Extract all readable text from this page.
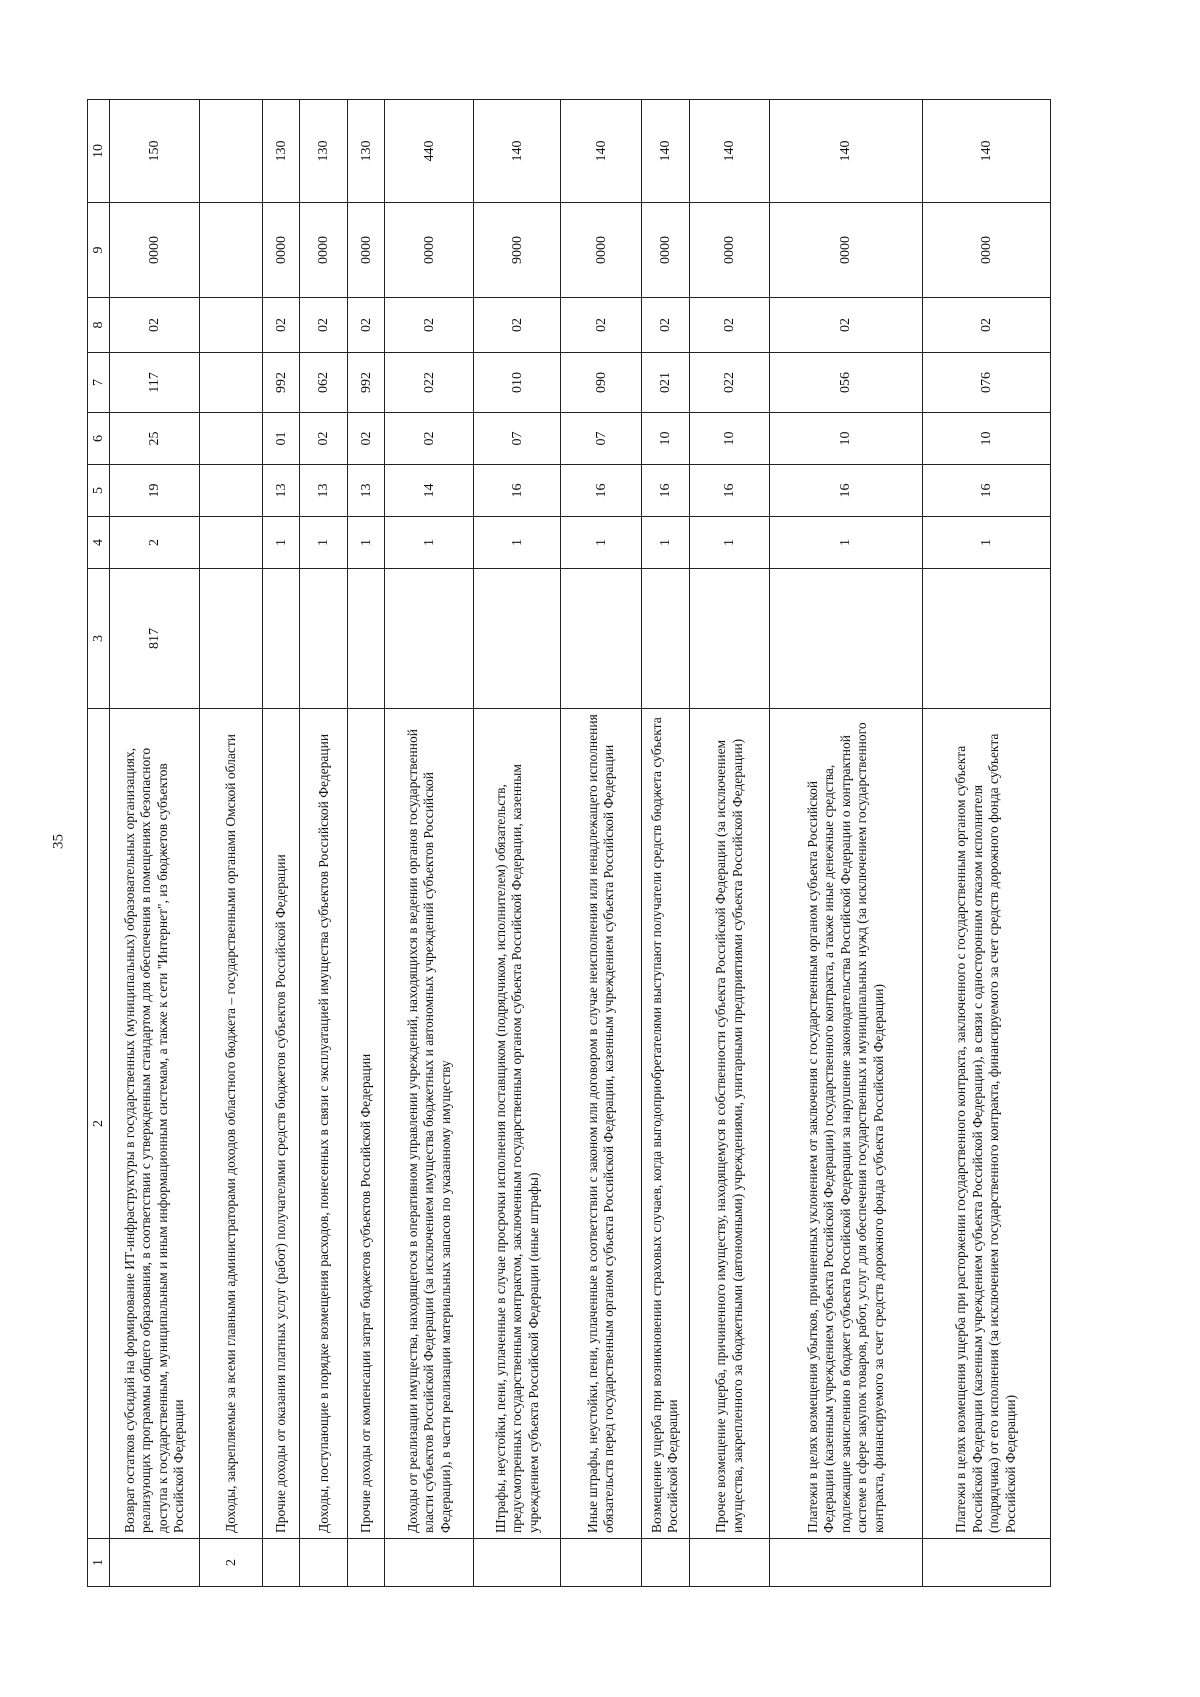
35
1	2	3	4	5	6	7	8	9	10
	Возврат остатков субсидий на формирование ИТ-инфраструктуры в государственных (муниципальных) образовательных организациях, реализующих программы общего образования, в соответствии с утвержденным стандартом для обеспечения в помещениях безопасного доступа к государственным, муниципальным и иным информационным системам, а также к сети "Интернет", из бюджетов субъектов Российской Федерации	817	2	19	25	117	02	0000	150
2	Доходы, закрепляемые за всеми главными администраторами доходов областного бюджета – государственными органами Омской области								
	Прочие доходы от оказания платных услуг (работ) получателями средств бюджетов субъектов Российской Федерации		1	13	01	992	02	0000	130
	Доходы, поступающие в порядке возмещения расходов, понесенных в связи с эксплуатацией имущества субъектов Российской Федерации		1	13	02	062	02	0000	130
	Прочие доходы от компенсации затрат бюджетов субъектов Российской Федерации		1	13	02	992	02	0000	130
	Доходы от реализации имущества, находящегося в оперативном управлении учреждений, находящихся в ведении органов государственной власти субъектов Российской Федерации (за исключением имущества бюджетных и автономных учреждений субъектов Российской Федерации), в части реализации материальных запасов по указанному имуществу		1	14	02	022	02	0000	440
	Штрафы, неустойки, пени, уплаченные в случае просрочки исполнения поставщиком (подрядчиком, исполнителем) обязательств, предусмотренных государственным контрактом, заключенным государственным органом субъекта Российской Федерации, казенным учреждением субъекта Российской Федерации (иные штрафы)		1	16	07	010	02	9000	140
	Иные штрафы, неустойки, пени, уплаченные в соответствии с законом или договором в случае неисполнения или ненадлежащего исполнения обязательств перед государственным органом субъекта Российской Федерации, казенным учреждением субъекта Российской Федерации		1	16	07	090	02	0000	140
	Возмещение ущерба при возникновении страховых случаев, когда выгодоприобретателями выступают получатели средств бюджета субъекта Российской Федерации		1	16	10	021	02	0000	140
	Прочее возмещение ущерба, причиненного имуществу, находящемуся в собственности субъекта Российской Федерации (за исключением имущества, закрепленного за бюджетными (автономными) учреждениями, унитарными предприятиями субъекта Российской Федерации)		1	16	10	022	02	0000	140
	Платежи в целях возмещения убытков, причиненных уклонением от заключения с государственным органом субъекта Российской Федерации (казенным учреждением субъекта Российской Федерации) государственного контракта, а также иные денежные средства, подлежащие зачислению в бюджет субъекта Российской Федерации за нарушение законодательства Российской Федерации о контрактной системе в сфере закупок товаров, работ, услуг для обеспечения государственных и муниципальных нужд (за исключением государственного контракта, финансируемого за счет средств дорожного фонда субъекта Российской Федерации)		1	16	10	056	02	0000	140
	Платежи в целях возмещения ущерба при расторжении государственного контракта, заключенного с государственным органом субъекта Российской Федерации (казенным учреждением субъекта Российской Федерации), в связи с односторонним отказом исполнителя (подрядчика) от его исполнения (за исключением государственного контракта, финансируемого за счет средств дорожного фонда субъекта Российской Федерации)		1	16	10	076	02	0000	140
